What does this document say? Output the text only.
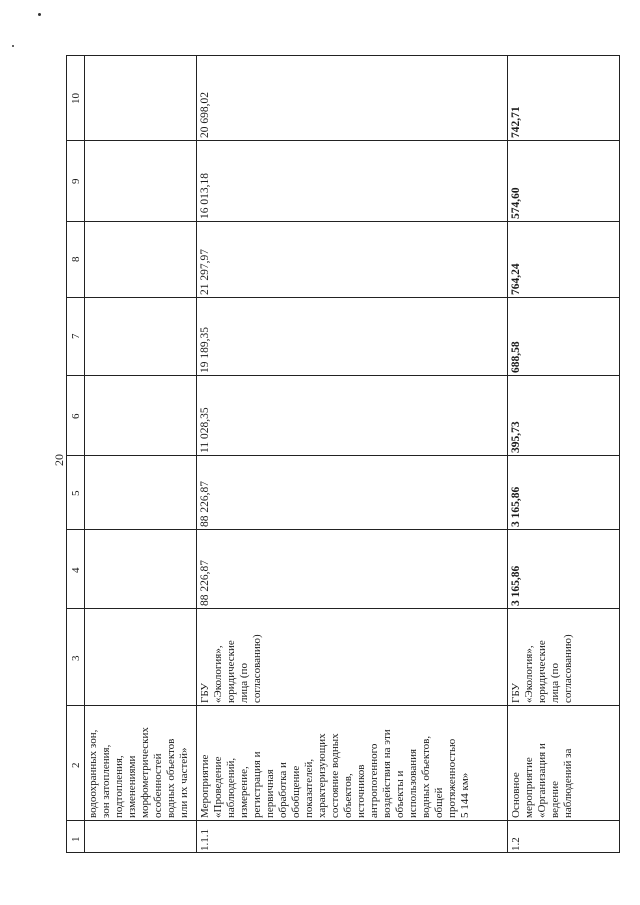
20
1
2
3
4
5
6
7
8
9
10
водоохранных зон,
зон затопления,
подтопления,
изменениями
морфометрических
особенностей
водных объектов
или их частей»
1.1.1
Мероприятие
«Проведение
наблюдений,
измерение,
регистрация и
первичная
обработка и
обобщение
показателей,
характеризующих
состояние водных
объектов,
источников
антропогенного
воздействия на эти
объекты и
использования
водных объектов,
общей
протяженностью
5 144 км»
ГБУ
«Экология»,
юридические
лица (по
согласованию)
88 226,87
88 226,87
11 028,35
19 189,35
21 297,97
16 013,18
20 698,02
1.2
Основное
мероприятие
«Организация и
ведение
наблюдений за
ГБУ
«Экология»,
юридические
лица (по
согласованию)
3 165,86
3 165,86
395,73
688,58
764,24
574,60
742,71
